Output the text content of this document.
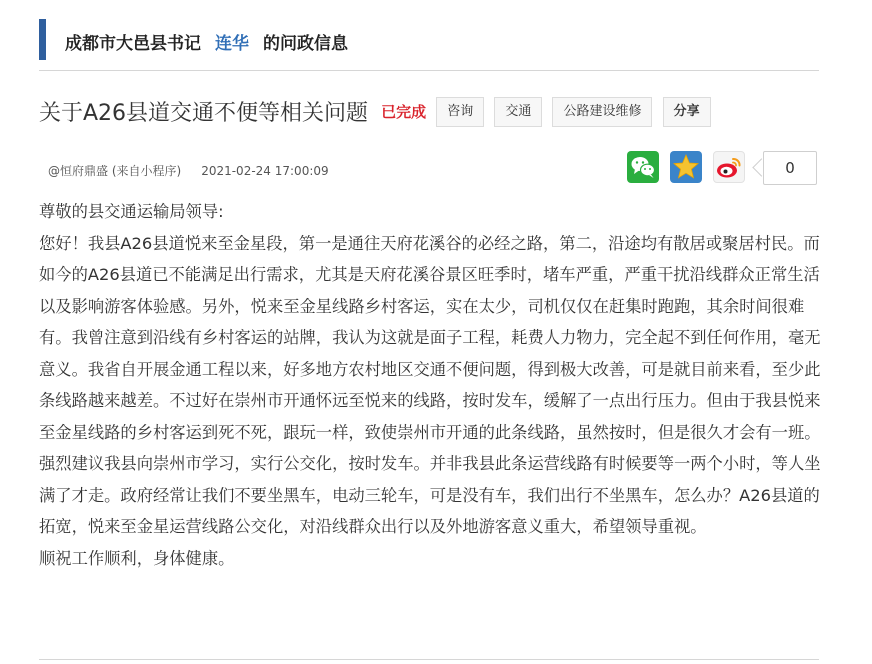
成都市大邑县书记 连华 的问政信息
关于A26县道交通不便等相关问题 已完成 咨询 交通 公路建设维修 分享
@恒府鼎盛 (来自小程序) 2021-02-24 17:00:09	0

尊敬的县交通运输局领导:

您好！我县A26县道悦来至金星段，第一是通往天府花溪谷的必经之路，第二，沿途均有散居或聚居村民。而如今的A26县道已不能满足出行需求，尤其是天府花溪谷景区旺季时，堵车严重，严重干扰沿线群众正常生活以及影响游客体验感。另外，悦来至金星线路乡村客运，实在太少，司机仅仅在赶集时跑跑，其余时间很难有。我曾注意到沿线有乡村客运的站牌，我认为这就是面子工程，耗费人力物力，完全起不到任何作用，毫无意义。我省自开展金通工程以来，好多地方农村地区交通不便问题，得到极大改善，可是就目前来看，至少此条线路越来越差。不过好在崇州市开通怀远至悦来的线路，按时发车，缓解了一点出行压力。但由于我县悦来至金星线路的乡村客运到死不死，跟玩一样，致使崇州市开通的此条线路，虽然按时，但是很久才会有一班。强烈建议我县向崇州市学习，实行公交化，按时发车。并非我县此条运营线路有时候要等一两个小时，等人坐满了才走。政府经常让我们不要坐黑车，电动三轮车，可是没有车，我们出行不坐黑车，怎么办？A26县道的拓宽，悦来至金星运营线路公交化，对沿线群众出行以及外地游客意义重大，希望领导重视。

顺祝工作顺利，身体健康。
